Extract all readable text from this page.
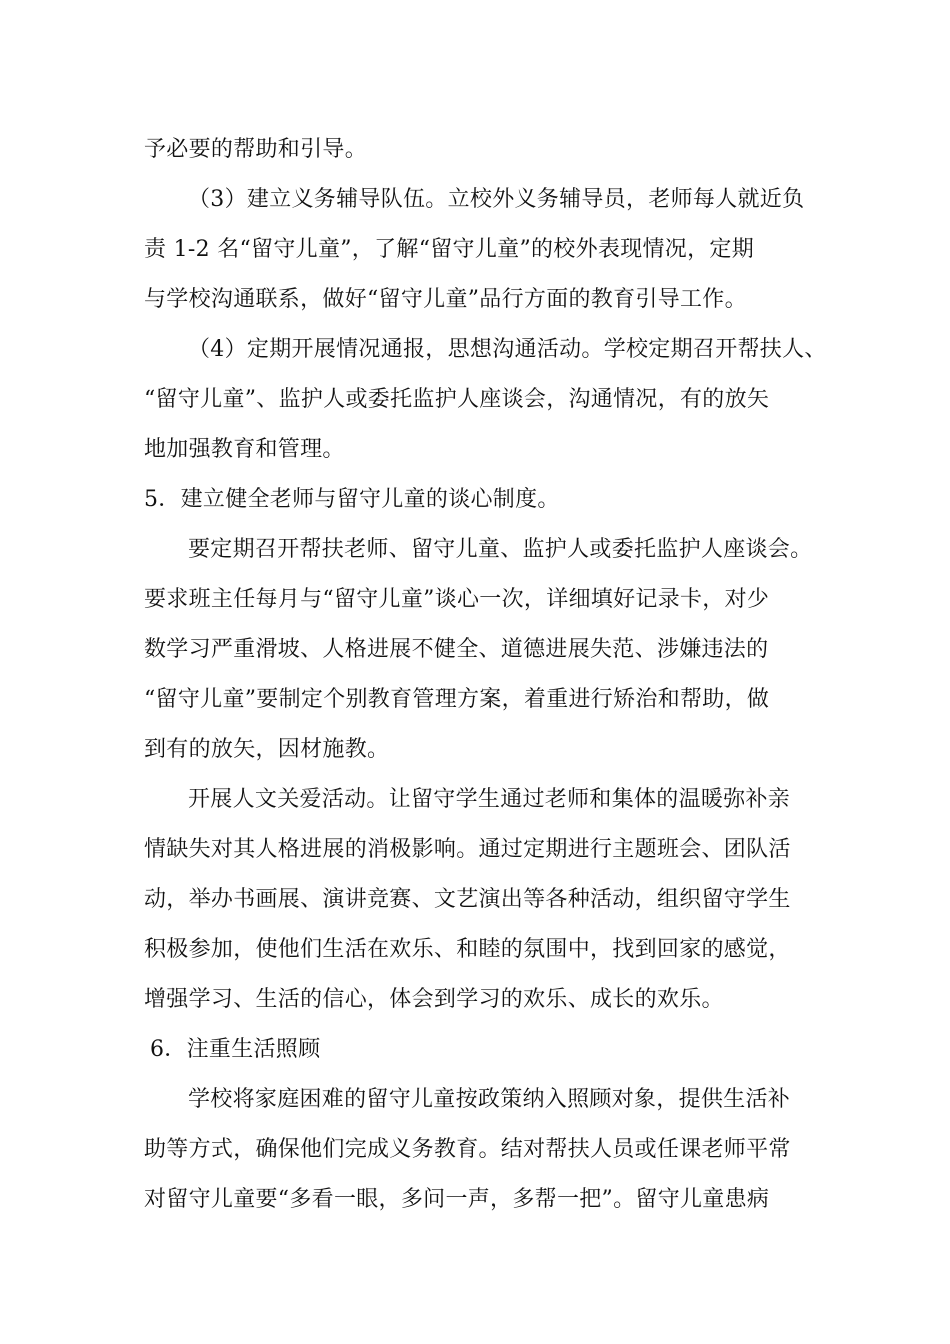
予必要的帮助和引导。
（3）建立义务辅导队伍。立校外义务辅导员，老师每人就近负
责 1-2 名“留守儿童”，了解“留守儿童”的校外表现情况，定期
与学校沟通联系，做好“留守儿童”品行方面的教育引导工作。
（4）定期开展情况通报，思想沟通活动。学校定期召开帮扶人、
“留守儿童”、监护人或委托监护人座谈会，沟通情况，有的放矢
地加强教育和管理。
5．建立健全老师与留守儿童的谈心制度。
要定期召开帮扶老师、留守儿童、监护人或委托监护人座谈会。
要求班主任每月与“留守儿童”谈心一次，详细填好记录卡，对少
数学习严重滑坡、人格进展不健全、道德进展失范、涉嫌违法的
“留守儿童”要制定个别教育管理方案，着重进行矫治和帮助，做
到有的放矢，因材施教。
开展人文关爱活动。让留守学生通过老师和集体的温暖弥补亲
情缺失对其人格进展的消极影响。通过定期进行主题班会、团队活
动，举办书画展、演讲竞赛、文艺演出等各种活动，组织留守学生
积极参加，使他们生活在欢乐、和睦的氛围中，找到回家的感觉，
增强学习、生活的信心，体会到学习的欢乐、成长的欢乐。
6．注重生活照顾
学校将家庭困难的留守儿童按政策纳入照顾对象，提供生活补
助等方式，确保他们完成义务教育。结对帮扶人员或任课老师平常
对留守儿童要“多看一眼，多问一声，多帮一把”。留守儿童患病
